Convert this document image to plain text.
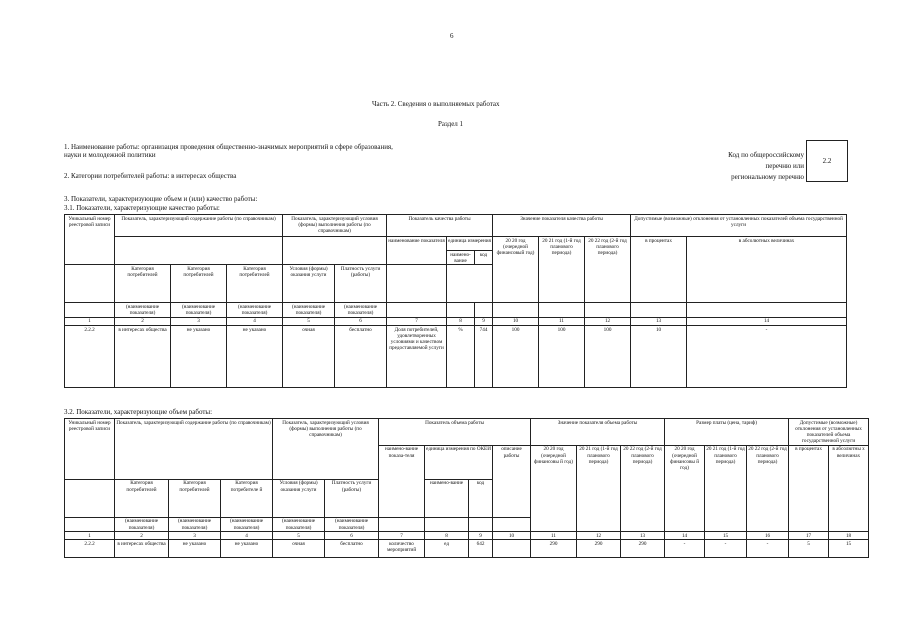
6
Часть 2. Сведения о выполняемых работах
Раздел 1
1. Наименование работы: организация проведения общественно-значимых мероприятий в сфере образования,
науки и молодежной политики
2. Категории потребителей работы: в интересах общества
Код по общероссийскому
перечню или
региональному перечню
2.2
3. Показатели, характеризующие объем и (или) качество работы:
3.1. Показатели, характеризующие качество работы:
Уникальный номер реестровой записи	Показатель, характеризующий содержание работы (по справочникам)			Показатель, характеризующий условия (формы) выполнения работы (по справочникам)		Показатель качества работы			Значение показателя качества работы			Допустимые (возможные) отклонения от установленных показателей объема государственной услуги	
						наименование показателя	единица измерения		20 20 год (очередной финансовый год)	20 21 год (1-й год планового периода)	20 22 год (2-й год планового периода)	в процентах	в абсолютных величинах
							наимено-вание	код					
	Категория потребителей	Категория потребителей	Категория потребителей	Условия (формы) оказания услуги	Платность услуги (работы)								
	(наименование показателя)	(наименование показателя)	(наименование показателя)	(наименование показателя)	(наименование показателя)								
1	2	3	4	5	6	7	8	9	10	11	12	13	14
2.2.2	в интересах общества	не указано	не указано	очная	бесплатно	Доля потребителей, удовлетворенных условиями и качеством предоставляемой услуги	%	744	100	100	100	10	-
3.2. Показатели, характеризующие объем работы:
Уникальный номер реестровой записи	Показатель, характеризующий содержание работы (по справочникам)			Показатель, характеризующий условия (формы) выполнения работы (по справочникам)		Показатель объема работы				Значение показателя объема работы			Размер платы (цена, тариф)			Допустимые (возможные) отклонения от установленных показателей объема государственной услуги	
						наимено-вание показа-теля	единица измерения по ОКЕИ		описание работы	20 20 год (очередной финансовы й год)	20 21 год (1-й год планового периода)	20 22 год (2-й год планового периода)	20 20 год (очередной финансовы й год)	20 21 год (1-й год планового периода)	20 22 год (2-й год планового периода)	в процентах	в абсолютны х величинах
	Категория потребителей	Категория потребителей	Категория потребителе й	Условия (формы) оказания услуги	Платность услуги (работы)		наимено-вание	код									
	(наименование показателя)	(наименование показателя)	(наименование показателя)	(наименование показателя)	(наименование показателя)												
1	2	3	4	5	6	7	8	9	10	11	12	13	14	15	16	17	18
2.2.2	в интересах общества	не указано	не указано	очная	бесплатно	количество мероприятий	ед	642		290	290	290	-	-	-	5	15
